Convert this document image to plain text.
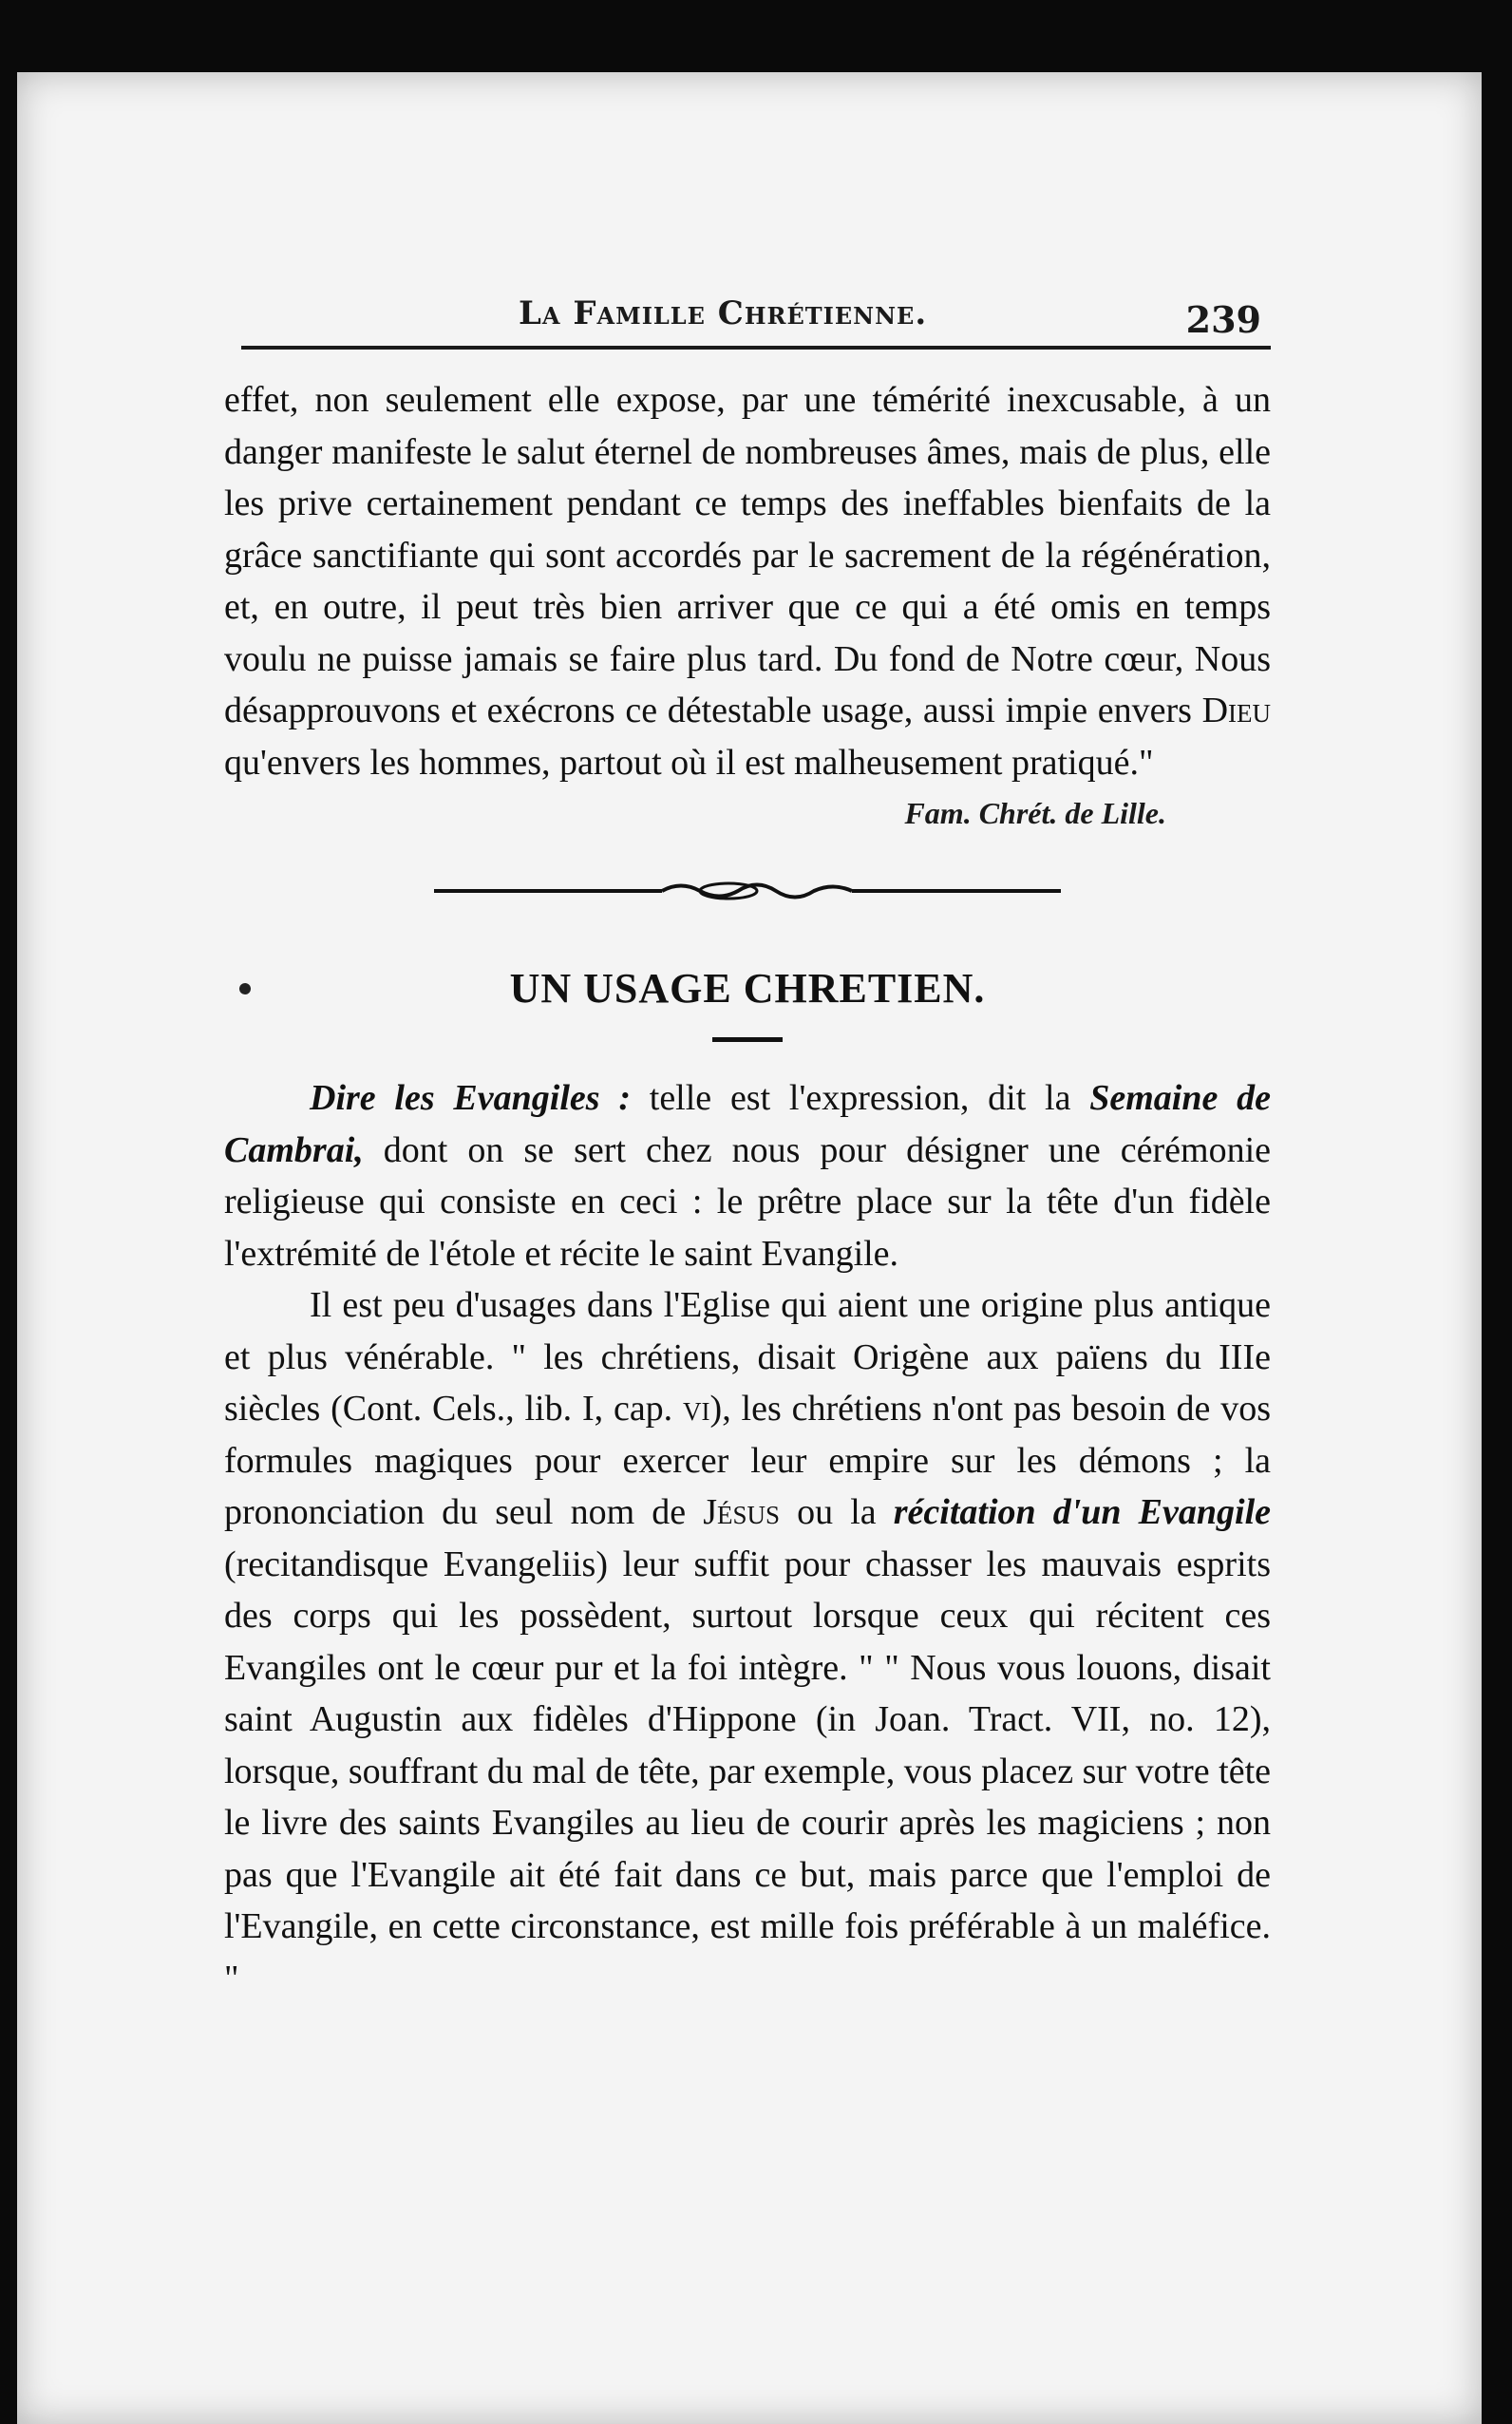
La Famille Chrétienne.	239

effet, non seulement elle expose, par une témérité inexcusable, à un danger manifeste le salut éternel de nombreuses âmes, mais de plus, elle les prive certainement pendant ce temps des ineffables bienfaits de la grâce sanctifiante qui sont accordés par le sacrement de la régénération, et, en outre, il peut très bien arriver que ce qui a été omis en temps voulu ne puisse jamais se faire plus tard. Du fond de Notre cœur, Nous désapprouvons et exécrons ce détestable usage, aussi impie envers Dieu qu'envers les hommes, partout où il est malheusement pratiqué."

Fam. Chrét. de Lille.
UN USAGE CHRETIEN.

Dire les Evangiles : telle est l'expression, dit la Semaine de Cambrai, dont on se sert chez nous pour désigner une cérémonie religieuse qui consiste en ceci : le prêtre place sur la tête d'un fidèle l'extrémité de l'étole et récite le saint Evangile.

Il est peu d'usages dans l'Eglise qui aient une origine plus antique et plus vénérable. " les chrétiens, disait Origène aux païens du IIIe siècles (Cont. Cels., lib. I, cap. vi), les chrétiens n'ont pas besoin de vos formules magiques pour exercer leur empire sur les démons ; la prononciation du seul nom de Jésus ou la récitation d'un Evangile (recitandisque Evangeliis) leur suffit pour chasser les mauvais esprits des corps qui les possèdent, surtout lorsque ceux qui récitent ces Evangiles ont le cœur pur et la foi intègre. " " Nous vous louons, disait saint Augustin aux fidèles d'Hippone (in Joan. Tract. VII, no. 12), lorsque, souffrant du mal de tête, par exemple, vous placez sur votre tête le livre des saints Evangiles au lieu de courir après les magiciens ; non pas que l'Evangile ait été fait dans ce but, mais parce que l'emploi de l'Evangile, en cette circonstance, est mille fois préférable à un maléfice. "
